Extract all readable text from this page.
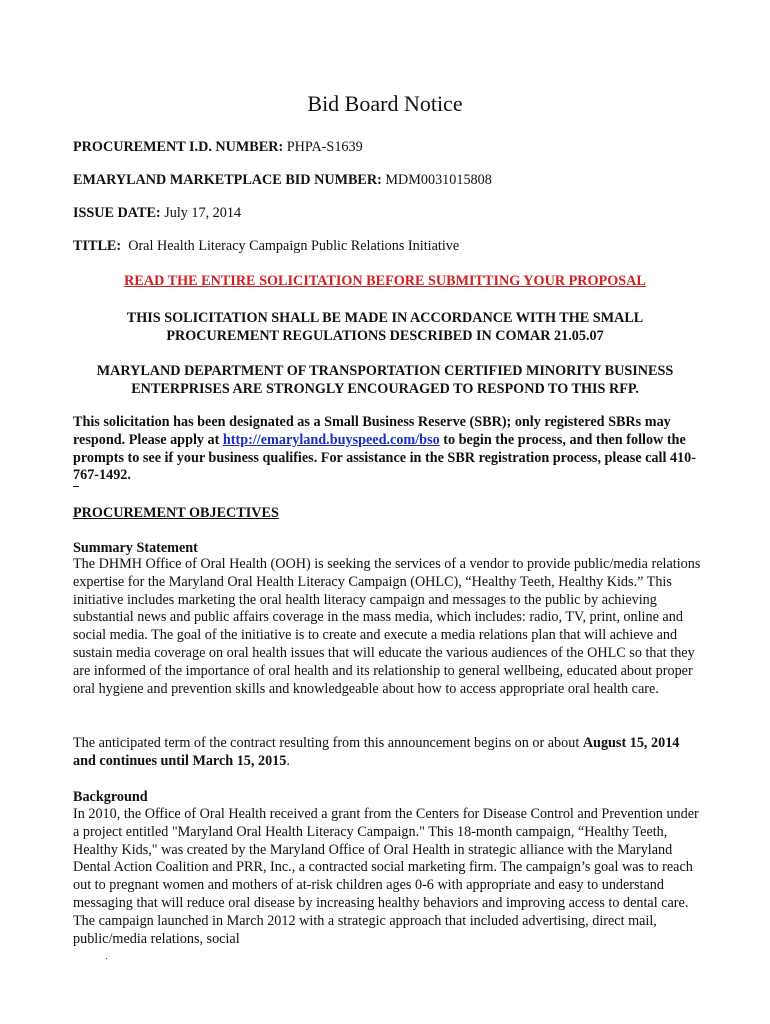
Bid Board Notice
PROCUREMENT I.D. NUMBER: PHPA-S1639
EMARYLAND MARKETPLACE BID NUMBER: MDM0031015808
ISSUE DATE: July 17, 2014
TITLE: Oral Health Literacy Campaign Public Relations Initiative
READ THE ENTIRE SOLICITATION BEFORE SUBMITTING YOUR PROPOSAL
THIS SOLICITATION SHALL BE MADE IN ACCORDANCE WITH THE SMALL PROCUREMENT REGULATIONS DESCRIBED IN COMAR 21.05.07
MARYLAND DEPARTMENT OF TRANSPORTATION CERTIFIED MINORITY BUSINESS ENTERPRISES ARE STRONGLY ENCOURAGED TO RESPOND TO THIS RFP.
This solicitation has been designated as a Small Business Reserve (SBR); only registered SBRs may respond. Please apply at http://emaryland.buyspeed.com/bso to begin the process, and then follow the prompts to see if your business qualifies. For assistance in the SBR registration process, please call 410-767-1492.
PROCUREMENT OBJECTIVES
Summary Statement
The DHMH Office of Oral Health (OOH) is seeking the services of a vendor to provide public/media relations expertise for the Maryland Oral Health Literacy Campaign (OHLC), “Healthy Teeth, Healthy Kids.” This initiative includes marketing the oral health literacy campaign and messages to the public by achieving substantial news and public affairs coverage in the mass media, which includes: radio, TV, print, online and social media. The goal of the initiative is to create and execute a media relations plan that will achieve and sustain media coverage on oral health issues that will educate the various audiences of the OHLC so that they are informed of the importance of oral health and its relationship to general wellbeing, educated about proper oral hygiene and prevention skills and knowledgeable about how to access appropriate oral health care.
The anticipated term of the contract resulting from this announcement begins on or about August 15, 2014 and continues until March 15, 2015.
Background
In 2010, the Office of Oral Health received a grant from the Centers for Disease Control and Prevention under a project entitled "Maryland Oral Health Literacy Campaign." This 18-month campaign, “Healthy Teeth, Healthy Kids," was created by the Maryland Office of Oral Health in strategic alliance with the Maryland Dental Action Coalition and PRR, Inc., a contracted social marketing firm. The campaign’s goal was to reach out to pregnant women and mothers of at-risk children ages 0-6 with appropriate and easy to understand messaging that will reduce oral disease by increasing healthy behaviors and improving access to dental care. The campaign launched in March 2012 with a strategic approach that included advertising, direct mail, public/media relations, social
